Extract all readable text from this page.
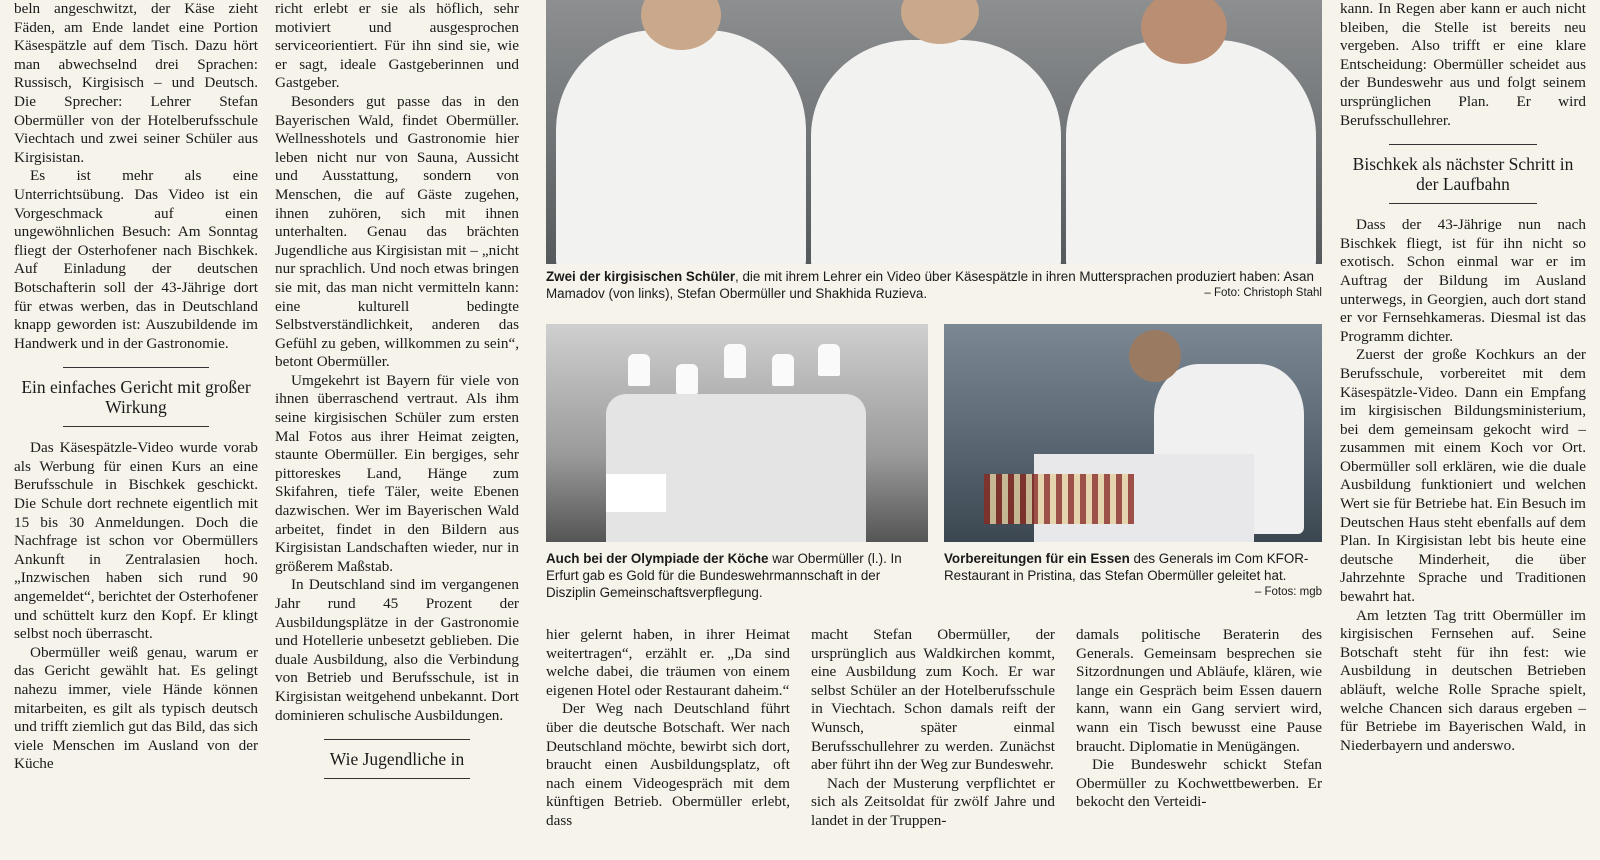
beln angeschwitzt, der Käse zieht Fäden, am Ende landet eine Portion Käsespätzle auf dem Tisch. Dazu hört man abwechselnd drei Sprachen: Russisch, Kirgisisch – und Deutsch. Die Sprecher: Lehrer Stefan Obermüller von der Hotelberufsschule Viechtach und zwei seiner Schüler aus Kirgisistan.

Es ist mehr als eine Unterrichtsübung. Das Video ist ein Vorgeschmack auf einen ungewöhnlichen Besuch: Am Sonntag fliegt der Osterhofener nach Bischkek. Auf Einladung der deutschen Botschafterin soll der 43-Jährige dort für etwas werben, das in Deutschland knapp geworden ist: Auszubildende im Handwerk und in der Gastronomie.

Ein einfaches Gericht mit großer Wirkung

Das Käsespätzle-Video wurde vorab als Werbung für einen Kurs an eine Berufsschule in Bischkek geschickt. Die Schule dort rechnete eigentlich mit 15 bis 30 Anmeldungen. Doch die Nachfrage ist schon vor Obermüllers Ankunft in Zentralasien hoch. „Inzwischen haben sich rund 90 angemeldet“, berichtet der Osterhofener und schüttelt kurz den Kopf. Er klingt selbst noch überrascht.

Obermüller weiß genau, warum er das Gericht gewählt hat. Es gelingt nahezu immer, viele Hände können mitarbeiten, es gilt als typisch deutsch und trifft ziemlich gut das Bild, das sich viele Menschen im Ausland von der Küche

richt erlebt er sie als höflich, sehr motiviert und ausgesprochen serviceorientiert. Für ihn sind sie, wie er sagt, ideale Gastgeberinnen und Gastgeber.

Besonders gut passe das in den Bayerischen Wald, findet Obermüller. Wellnesshotels und Gastronomie hier leben nicht nur von Sauna, Aussicht und Ausstattung, sondern von Menschen, die auf Gäste zugehen, ihnen zuhören, sich mit ihnen unterhalten. Genau das brächten Jugendliche aus Kirgisistan mit – „nicht nur sprachlich. Und noch etwas bringen sie mit, das man nicht vermitteln kann: eine kulturell bedingte Selbstverständlichkeit, anderen das Gefühl zu geben, willkommen zu sein“, betont Obermüller.

Umgekehrt ist Bayern für viele von ihnen überraschend vertraut. Als ihm seine kirgisischen Schüler zum ersten Mal Fotos aus ihrer Heimat zeigten, staunte Obermüller. Ein bergiges, sehr pittoreskes Land, Hänge zum Skifahren, tiefe Täler, weite Ebenen dazwischen. Wer im Bayerischen Wald arbeitet, findet in den Bildern aus Kirgisistan Landschaften wieder, nur in größerem Maßstab.

In Deutschland sind im vergangenen Jahr rund 45 Prozent der Ausbildungsplätze in der Gastronomie und Hotellerie unbesetzt geblieben. Die duale Ausbildung, also die Verbindung von Betrieb und Berufsschule, ist in Kirgisistan weitgehend unbekannt. Dort dominieren schulische Ausbildungen.

Wie Jugendliche in
Zwei der kirgisischen Schüler, die mit ihrem Lehrer ein Video über Käsespätzle in ihren Muttersprachen produziert haben: Asan Mamadov (von links), Stefan Obermüller und Shakhida Ruzieva.	– Foto: Christoph Stahl
Auch bei der Olympiade der Köche war Obermüller (l.). In Erfurt gab es Gold für die Bundeswehrmannschaft in der Disziplin Gemeinschaftsverpflegung.
Vorbereitungen für ein Essen des Generals im Com KFOR-Restaurant in Pristina, das Stefan Obermüller geleitet hat.
– Fotos: mgb

hier gelernt haben, in ihrer Heimat weitertragen“, erzählt er. „Da sind welche dabei, die träumen von einem eigenen Hotel oder Restaurant daheim.“

Der Weg nach Deutschland führt über die deutsche Botschaft. Wer nach Deutschland möchte, bewirbt sich dort, braucht einen Ausbildungsplatz, oft nach einem Videogespräch mit dem künftigen Betrieb. Obermüller erlebt, dass

macht Stefan Obermüller, der ursprünglich aus Waldkirchen kommt, eine Ausbildung zum Koch. Er war selbst Schüler an der Hotelberufsschule in Viechtach. Schon damals reift der Wunsch, später einmal Berufsschullehrer zu werden. Zunächst aber führt ihn der Weg zur Bundeswehr.

Nach der Musterung verpflichtet er sich als Zeitsoldat für zwölf Jahre und landet in der Truppen-

damals politische Beraterin des Generals. Gemeinsam besprechen sie Sitzordnungen und Abläufe, klären, wie lange ein Gespräch beim Essen dauern kann, wann ein Gang serviert wird, wann ein Tisch bewusst eine Pause braucht. Diplomatie in Menügängen.

Die Bundeswehr schickt Stefan Obermüller zu Kochwettbewerben. Er bekocht den Verteidi-

kann. In Regen aber kann er auch nicht bleiben, die Stelle ist bereits neu vergeben. Also trifft er eine klare Entscheidung: Obermüller scheidet aus der Bundeswehr aus und folgt seinem ursprünglichen Plan. Er wird Berufsschullehrer.

Bischkek als nächster Schritt in der Laufbahn

Dass der 43-Jährige nun nach Bischkek fliegt, ist für ihn nicht so exotisch. Schon einmal war er im Auftrag der Bildung im Ausland unterwegs, in Georgien, auch dort stand er vor Fernsehkameras. Diesmal ist das Programm dichter.

Zuerst der große Kochkurs an der Berufsschule, vorbereitet mit dem Käsespätzle-Video. Dann ein Empfang im kirgisischen Bildungsministerium, bei dem gemeinsam gekocht wird – zusammen mit einem Koch vor Ort. Obermüller soll erklären, wie die duale Ausbildung funktioniert und welchen Wert sie für Betriebe hat. Ein Besuch im Deutschen Haus steht ebenfalls auf dem Plan. In Kirgisistan lebt bis heute eine deutsche Minderheit, die über Jahrzehnte Sprache und Traditionen bewahrt hat.

Am letzten Tag tritt Obermüller im kirgisischen Fernsehen auf. Seine Botschaft steht für ihn fest: wie Ausbildung in deutschen Betrieben abläuft, welche Rolle Sprache spielt, welche Chancen sich daraus ergeben – für Betriebe im Bayerischen Wald, in Niederbayern und anderswo.
